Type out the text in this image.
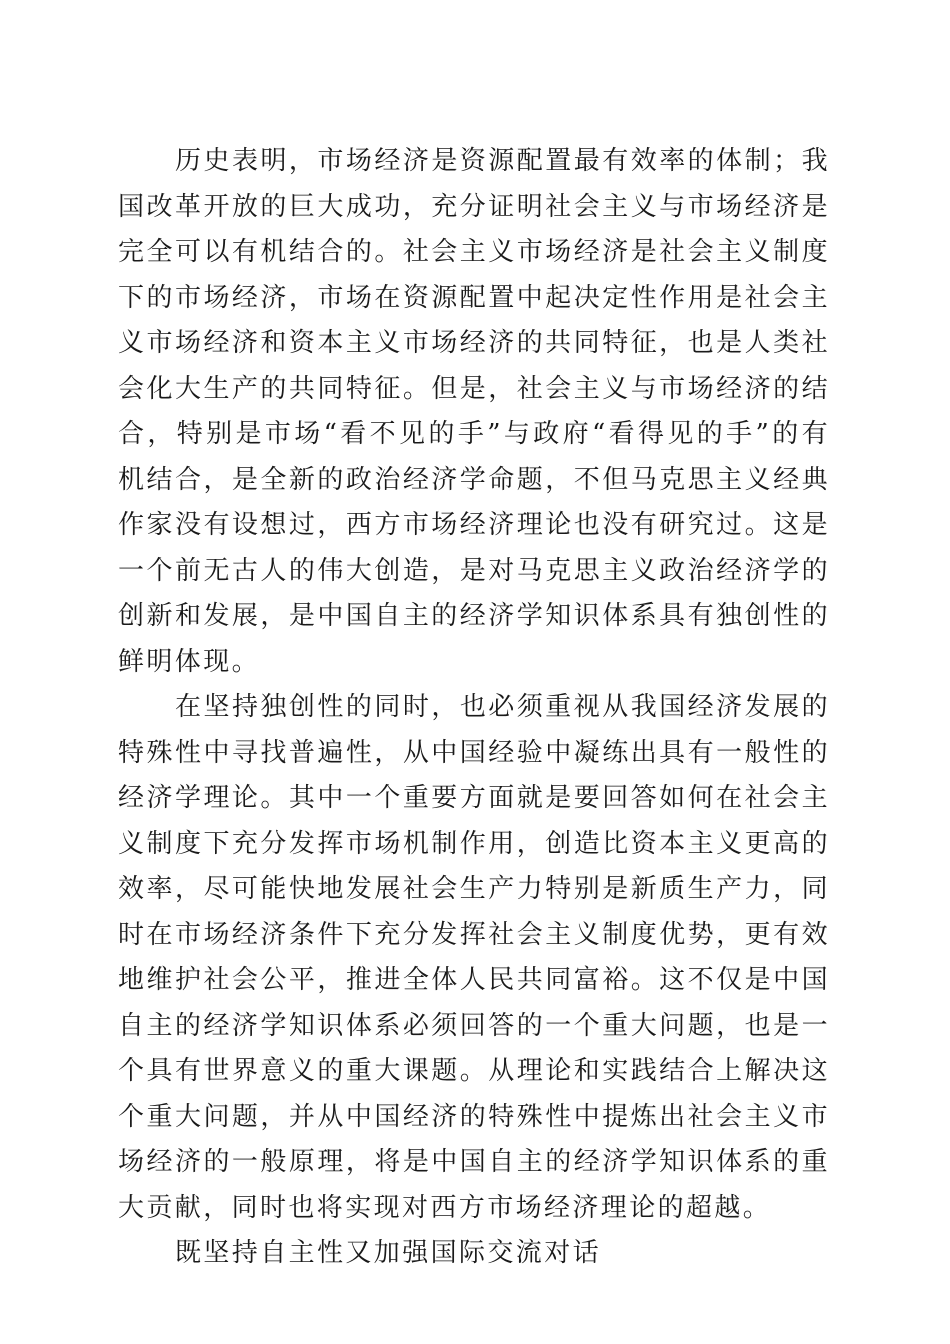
历史表明，市场经济是资源配置最有效率的体制；我国改革开放的巨大成功，充分证明社会主义与市场经济是完全可以有机结合的。社会主义市场经济是社会主义制度下的市场经济，市场在资源配置中起决定性作用是社会主义市场经济和资本主义市场经济的共同特征，也是人类社会化大生产的共同特征。但是，社会主义与市场经济的结合，特别是市场“看不见的手”与政府“看得见的手”的有机结合，是全新的政治经济学命题，不但马克思主义经典作家没有设想过，西方市场经济理论也没有研究过。这是一个前无古人的伟大创造，是对马克思主义政治经济学的创新和发展，是中国自主的经济学知识体系具有独创性的鲜明体现。

在坚持独创性的同时，也必须重视从我国经济发展的特殊性中寻找普遍性，从中国经验中凝练出具有一般性的经济学理论。其中一个重要方面就是要回答如何在社会主义制度下充分发挥市场机制作用，创造比资本主义更高的效率，尽可能快地发展社会生产力特别是新质生产力，同时在市场经济条件下充分发挥社会主义制度优势，更有效地维护社会公平，推进全体人民共同富裕。这不仅是中国自主的经济学知识体系必须回答的一个重大问题，也是一个具有世界意义的重大课题。从理论和实践结合上解决这个重大问题，并从中国经济的特殊性中提炼出社会主义市场经济的一般原理，将是中国自主的经济学知识体系的重大贡献，同时也将实现对西方市场经济理论的超越。

既坚持自主性又加强国际交流对话
